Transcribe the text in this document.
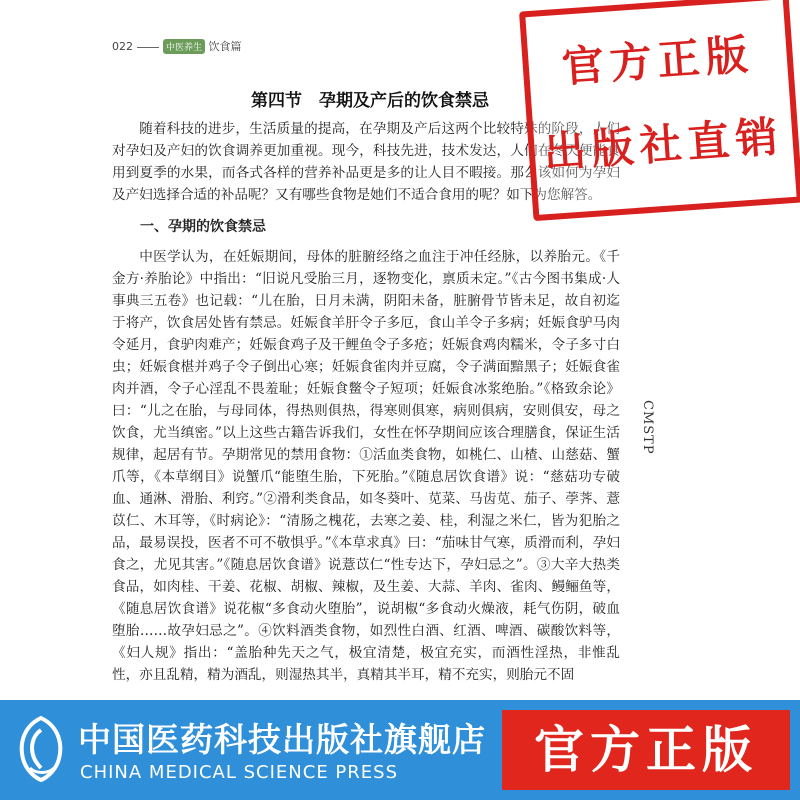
022	中医养生 饮食篇
第四节　孕期及产后的饮食禁忌

随着科技的进步，生活质量的提高，在孕期及产后这两个比较特殊的阶段，人们对孕妇及产妇的饮食调养更加重视。现今，科技先进，技术发达，人们在冬天便能食用到夏季的水果，而各式各样的营养补品更是多的让人目不暇接。那么该如何为孕妇及产妇选择合适的补品呢？又有哪些食物是她们不适合食用的呢？如下为您解答。

一、孕期的饮食禁忌

中医学认为，在妊娠期间，母体的脏腑经络之血注于冲任经脉，以养胎元。《千金方·养胎论》中指出：“旧说凡受胎三月，逐物变化，禀质未定。”《古今图书集成·人事典三五卷》也记载：“儿在胎，日月未满，阴阳未备，脏腑骨节皆未足，故自初迄于将产，饮食居处皆有禁忌。妊娠食羊肝令子多厄，食山羊令子多病；妊娠食驴马肉令延月，食驴肉难产；妊娠食鸡子及干鲤鱼令子多疮；妊娠食鸡肉糯米，令子多寸白虫；妊娠食椹并鸡子令子倒出心寒；妊娠食雀肉并豆腐，令子满面黯黑子；妊娠食雀肉并酒，令子心淫乱不畏羞耻；妊娠食鳖令子短项；妊娠食冰浆绝胎。”《格致余论》曰：“儿之在胎，与母同体，得热则俱热，得寒则俱寒，病则俱病，安则俱安，母之饮食，尤当缜密。”以上这些古籍告诉我们，女性在怀孕期间应该合理膳食，保证生活规律，起居有节。孕期常见的禁用食物：①活血类食物，如桃仁、山楂、山慈菇、蟹爪等，《本草纲目》说蟹爪“能堕生胎，下死胎。”《随息居饮食谱》说：“慈菇功专破血、通淋、滑胎、利窍。”②滑利类食品，如冬葵叶、苋菜、马齿苋、茄子、荸荠、薏苡仁、木耳等，《时病论》：“清肠之槐花，去寒之姜、桂，利湿之米仁，皆为犯胎之品，最易误投，医者不可不敬惧乎。”《本草求真》曰：“茄味甘气寒，质滑而利，孕妇食之，尤见其害。”《随息居饮食谱》说薏苡仁“性专达下，孕妇忌之”。③大辛大热类食品，如肉桂、干姜、花椒、胡椒、辣椒，及生姜、大蒜、羊肉、雀肉、鳗鲡鱼等，《随息居饮食谱》说花椒“多食动火堕胎”，说胡椒“多食动火燥液，耗气伤阴，破血堕胎……故孕妇忌之”。④饮料酒类食物，如烈性白酒、红酒、啤酒、碳酸饮料等，《妇人规》指出：“盖胎种先天之气，极宜清楚，极宜充实，而酒性淫热，非惟乱性，亦且乱精，精为酒乱，则湿热其半，真精其半耳，精不充实，则胎元不固

CMSTP
官方正版
出版社直销
中国医药科技出版社旗舰店
CHINA MEDICAL SCIENCE PRESS	官方正版
